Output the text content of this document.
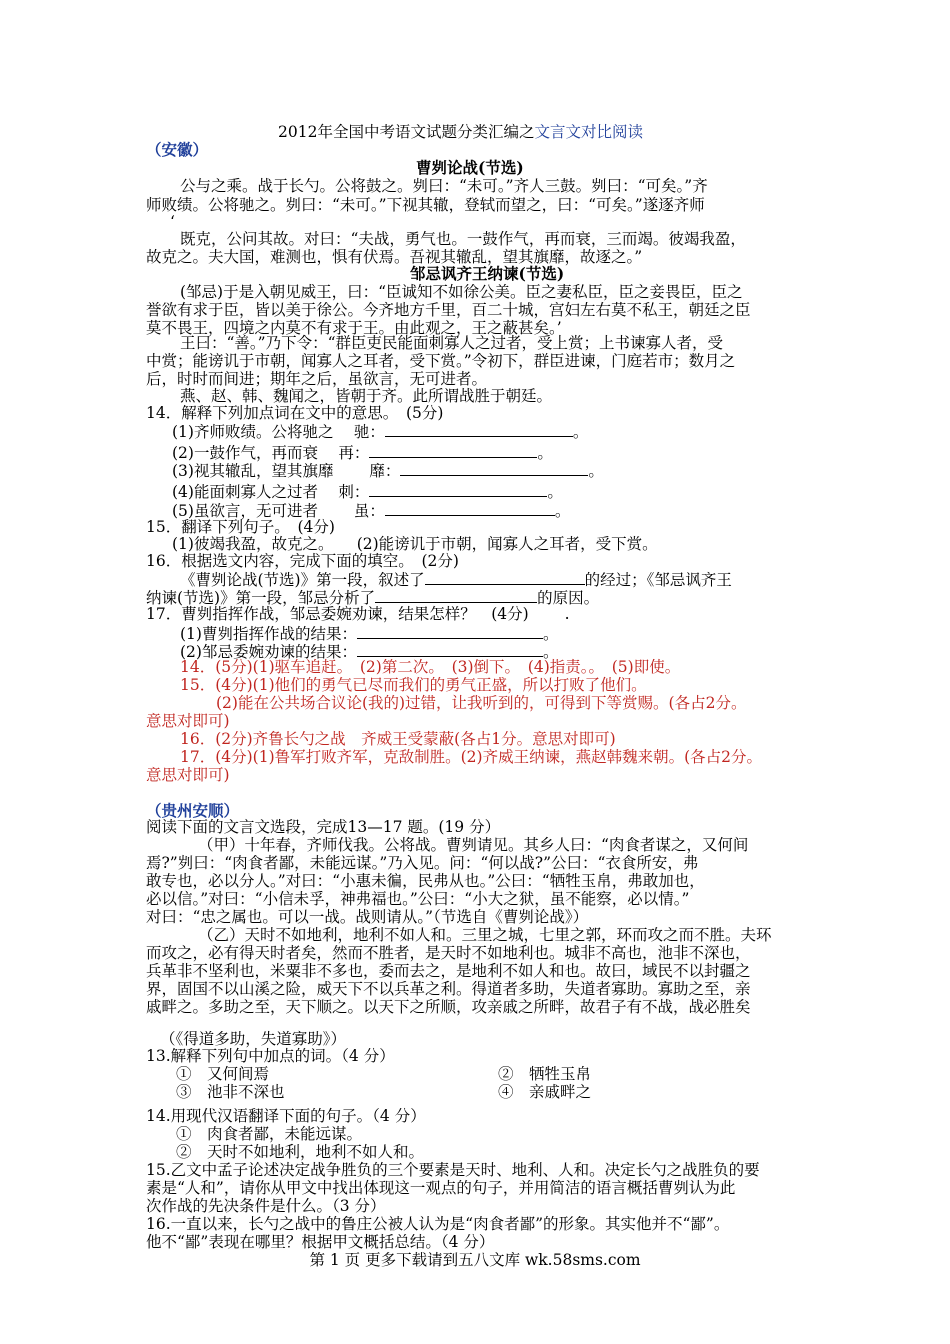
2012年全国中考语文试题分类汇编之文言文对比阅读
（安徽）
曹刿论战(节选)
公与之乘。战于长勺。公将鼓之。刿曰：“未可。”齐人三鼓。刿曰：“可矣。”齐
师败绩。公将驰之。刿曰：“未可。”下视其辙，登轼而望之，曰：“可矣。”遂逐齐师
‘
既克，公问其故。对曰：“夫战，勇气也。一鼓作气，再而衰，三而竭。彼竭我盈，
故克之。夫大国，难测也，惧有伏焉。吾视其辙乱，望其旗靡，故逐之。”
邹忌讽齐王纳谏(节选)
(邹忌)于是入朝见威王，曰：“臣诚知不如徐公美。臣之妻私臣，臣之妾畏臣，臣之
誉欲有求于臣，皆以美于徐公。今齐地方千里，百二十城，宫妇左右莫不私王，朝廷之臣
莫不畏王，四境之内莫不有求于王。由此观之，王之蔽甚矣。’
王曰：“善。”乃下令：“群臣吏民能面刺寡人之过者，受上赏；上书谏寡人者，受
中赏；能谤讥于市朝，闻寡人之耳者，受下赏。”令初下，群臣进谏，门庭若市；数月之
后，时时而间进；期年之后，虽欲言，无可进者。
燕、赵、韩、魏闻之，皆朝于齐。此所谓战胜于朝廷。
14．解释下列加点词在文中的意思。　(5分)
(1)齐师败绩。公将驰之　 驰：	。
(2)一鼓作气，再而衰　 再：	。
(3)视其辙乱，望其旗靡　　 靡：	。
(4)能面刺寡人之过者　 刺：	。
(5)虽欲言，无可进者　　 虽：	。
15．翻译下列句子。　(4分)
(1)彼竭我盈，故克之。　　(2)能谤讥于市朝，闻寡人之耳者，受下赏。
16．根据选文内容，完成下面的填空。　(2分)
《曹刿论战(节选)》第一段，叙述了	的经过；《邹忌讽齐王
纳谏(节选)》第一段，邹忌分析了	的原因。
17．曹刿指挥作战，邹忌委婉劝谏，结果怎样？　(4分)　　 .
(1)曹刿指挥作战的结果：	。
(2)邹忌委婉劝谏的结果：	。
14．(5分)(1)驱车追赶。　(2)第二次。　(3)倒下。　(4)指责。。　(5)即使。
15．(4分)(1)他们的勇气已尽而我们的勇气正盛，所以打败了他们。
(2)能在公共场合议论(我的)过错，让我听到的，可得到下等赏赐。(各占2分。
意思对即可)
16．(2分)齐鲁长勺之战　齐威王受蒙蔽(各占1分。意思对即可)
17．(4分)(1)鲁军打败齐军，克敌制胜。(2)齐威王纳谏，燕赵韩魏来朝。(各占2分。
意思对即可)
（贵州安顺）
阅读下面的文言文选段，完成13—17 题。(19 分）
（甲）十年春，齐师伐我。公将战。曹刿请见。其乡人曰：“肉食者谋之，又何间
焉?”刿曰：“肉食者鄙，未能远谋。”乃入见。问：“何以战?”公曰：“衣食所安，弗
敢专也，必以分人。”对曰：“小惠未徧，民弗从也。”公曰：“牺牲玉帛，弗敢加也，
必以信。”对曰：“小信未孚，神弗福也。”公曰：“小大之狱，虽不能察，必以情。”
对曰：“忠之属也。可以一战。战则请从。”（节选自《曹刿论战》）
（乙）天时不如地利，地利不如人和。三里之城，七里之郭，环而攻之而不胜。夫环
而攻之，必有得天时者矣，然而不胜者，是天时不如地利也。城非不高也，池非不深也，
兵革非不坚利也，米粟非不多也，委而去之，是地利不如人和也。故曰，域民不以封疆之
界，固国不以山溪之险，威天下不以兵革之利。得道者多助，失道者寡助。寡助之至，亲
戚畔之。多助之至，天下顺之。以天下之所顺，攻亲戚之所畔，故君子有不战，战必胜矣
（《得道多助，失道寡助》）
13.解释下列句中加点的词。（4 分）
①　又何间焉	②　牺牲玉帛
③　池非不深也	④　亲戚畔之
14.用现代汉语翻译下面的句子。（4 分）
①　肉食者鄙，未能远谋。
②　天时不如地利，地利不如人和。
15.乙文中孟子论述决定战争胜负的三个要素是天时、地利、人和。决定长勺之战胜负的要
素是“人和”，请你从甲文中找出体现这一观点的句子，并用简洁的语言概括曹刿认为此
次作战的先决条件是什么。（3 分）
16.一直以来，长勺之战中的鲁庄公被人认为是“肉食者鄙”的形象。其实他并不“鄙”。
他不“鄙”表现在哪里？根据甲文概括总结。（4 分）
第 1 页 更多下载请到五八文库 wk.58sms.com
